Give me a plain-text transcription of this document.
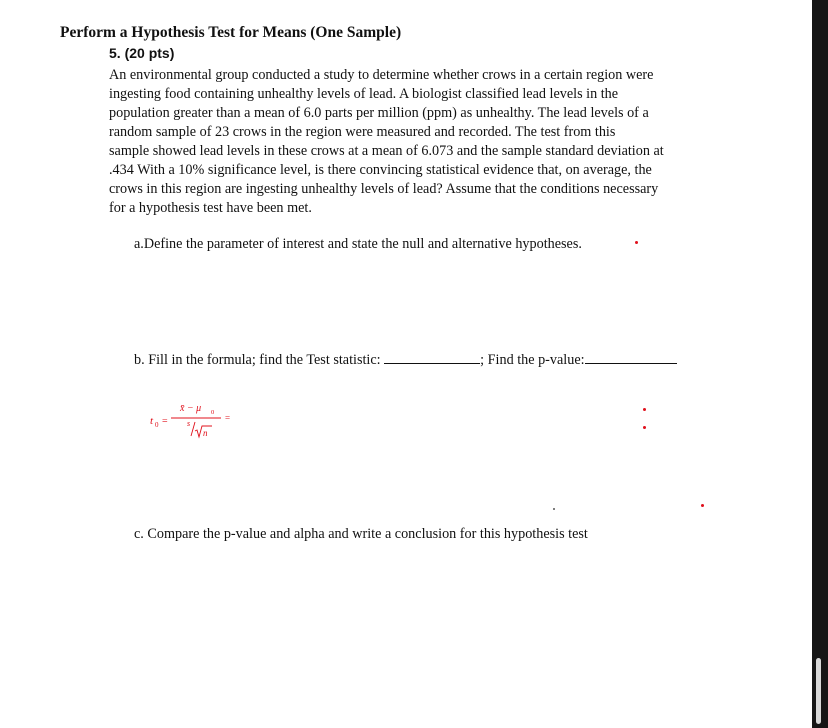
Perform a Hypothesis Test for Means (One Sample)
5. (20 pts)
An environmental group conducted a study to determine whether crows in a certain region were
ingesting food containing unhealthy levels of lead. A biologist classified lead levels in the
population greater than a mean of 6.0 parts per million (ppm) as unhealthy. The lead levels of a
random sample of 23 crows in the region were measured and recorded. The test from this
sample showed lead levels in these crows at a mean of 6.073 and the sample standard deviation at
.434 With a 10% significance level, is there convincing statistical evidence that, on average, the
crows in this region are ingesting unhealthy levels of lead? Assume that the conditions necessary
for a hypothesis test have been met.
a.Define the parameter of interest and state the null and alternative hypotheses.
b. Fill in the formula; find the Test statistic:	; Find the p-value:
t 0 =
x̄ − μ 0
s
n
=
c. Compare the p-value and alpha and write a conclusion for this hypothesis test
